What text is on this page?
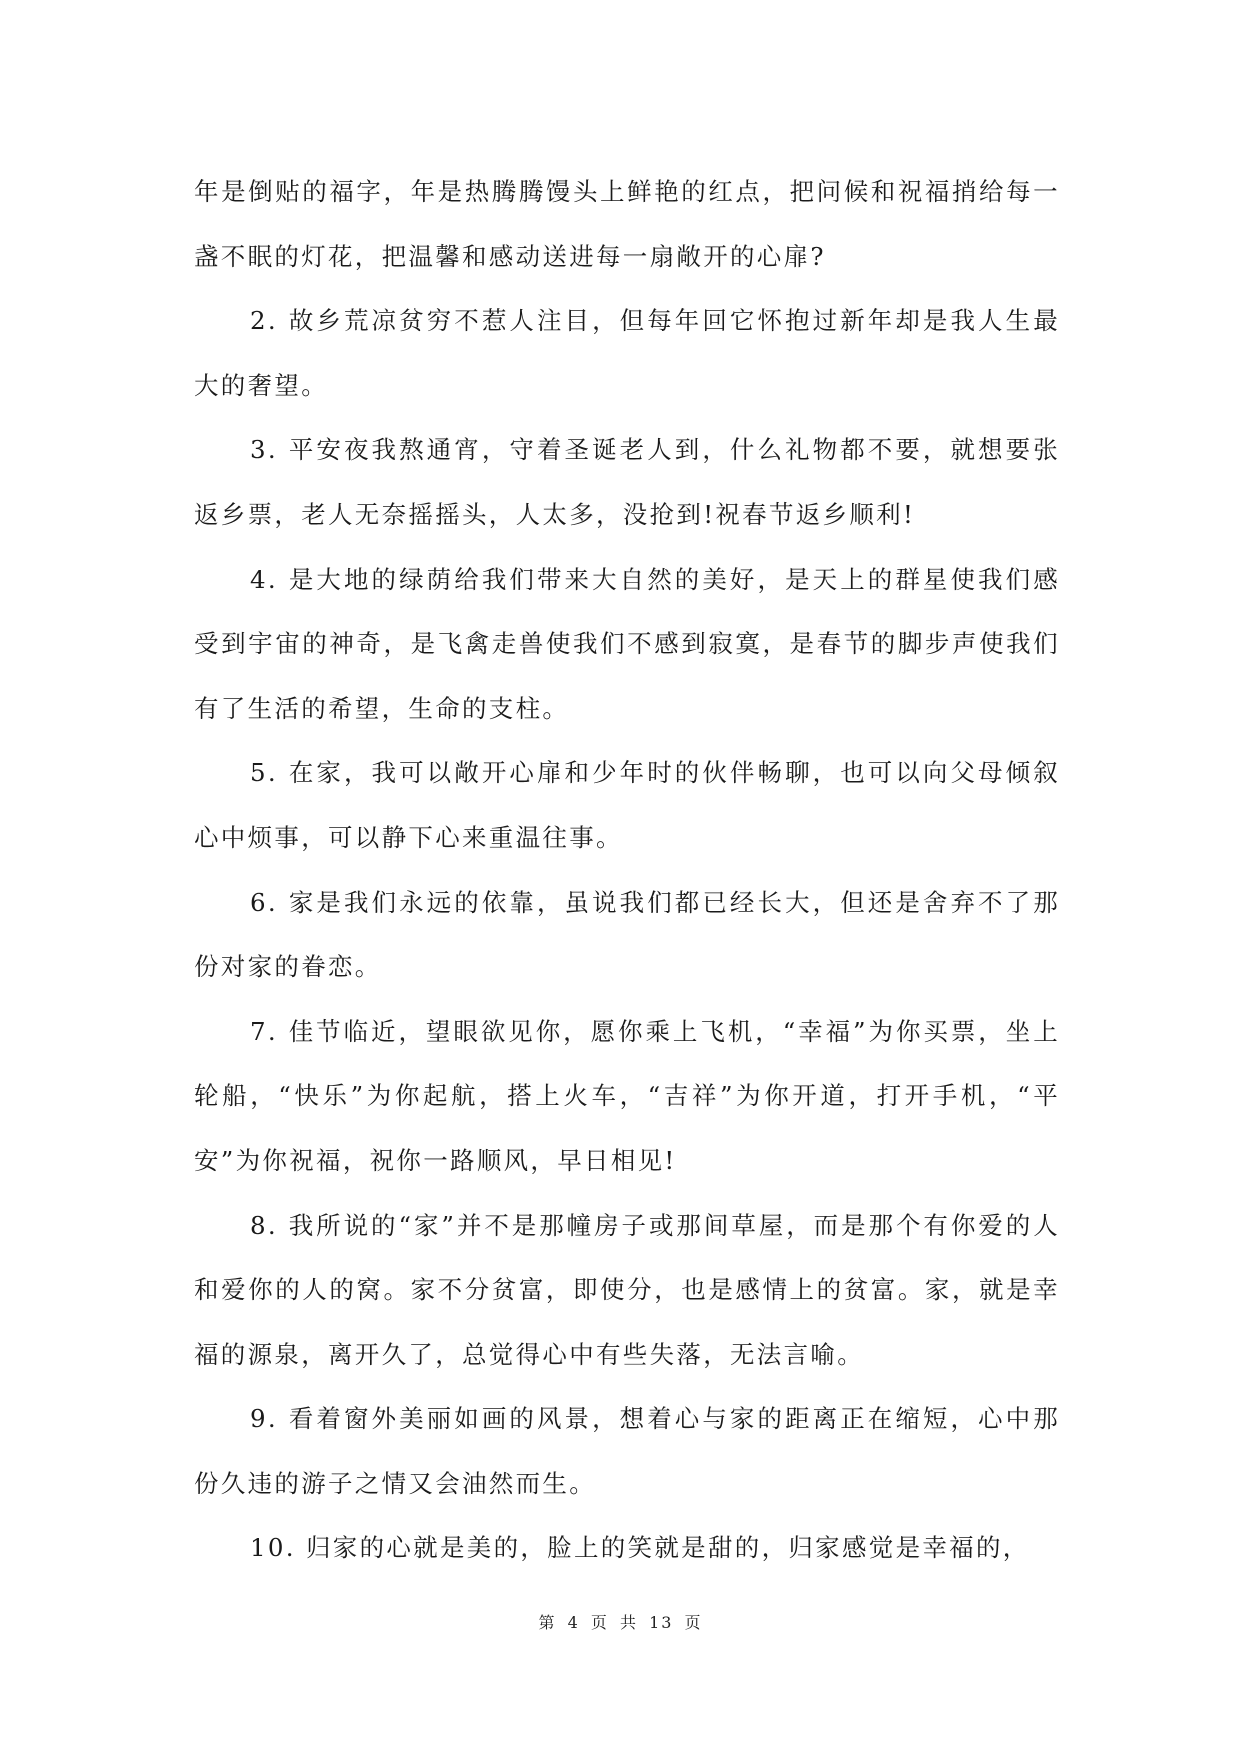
年是倒贴的福字，年是热腾腾馒头上鲜艳的红点，把问候和祝福捎给每一盏不眠的灯花，把温馨和感动送进每一扇敞开的心扉?

2. 故乡荒凉贫穷不惹人注目，但每年回它怀抱过新年却是我人生最大的奢望。

3. 平安夜我熬通宵，守着圣诞老人到，什么礼物都不要，就想要张返乡票，老人无奈摇摇头，人太多，没抢到!祝春节返乡顺利!

4. 是大地的绿荫给我们带来大自然的美好，是天上的群星使我们感受到宇宙的神奇，是飞禽走兽使我们不感到寂寞，是春节的脚步声使我们有了生活的希望，生命的支柱。

5. 在家，我可以敞开心扉和少年时的伙伴畅聊，也可以向父母倾叙心中烦事，可以静下心来重温往事。

6. 家是我们永远的依靠，虽说我们都已经长大，但还是舍弃不了那份对家的眷恋。

7. 佳节临近，望眼欲见你，愿你乘上飞机，“幸福”为你买票，坐上轮船，“快乐”为你起航，搭上火车，“吉祥”为你开道，打开手机，“平安”为你祝福，祝你一路顺风，早日相见!

8. 我所说的“家”并不是那幢房子或那间草屋，而是那个有你爱的人和爱你的人的窝。家不分贫富，即使分，也是感情上的贫富。家，就是幸福的源泉，离开久了，总觉得心中有些失落，无法言喻。

9. 看着窗外美丽如画的风景，想着心与家的距离正在缩短，心中那份久违的游子之情又会油然而生。

10. 归家的心就是美的，脸上的笑就是甜的，归家感觉是幸福的，

第 4 页 共 13 页
